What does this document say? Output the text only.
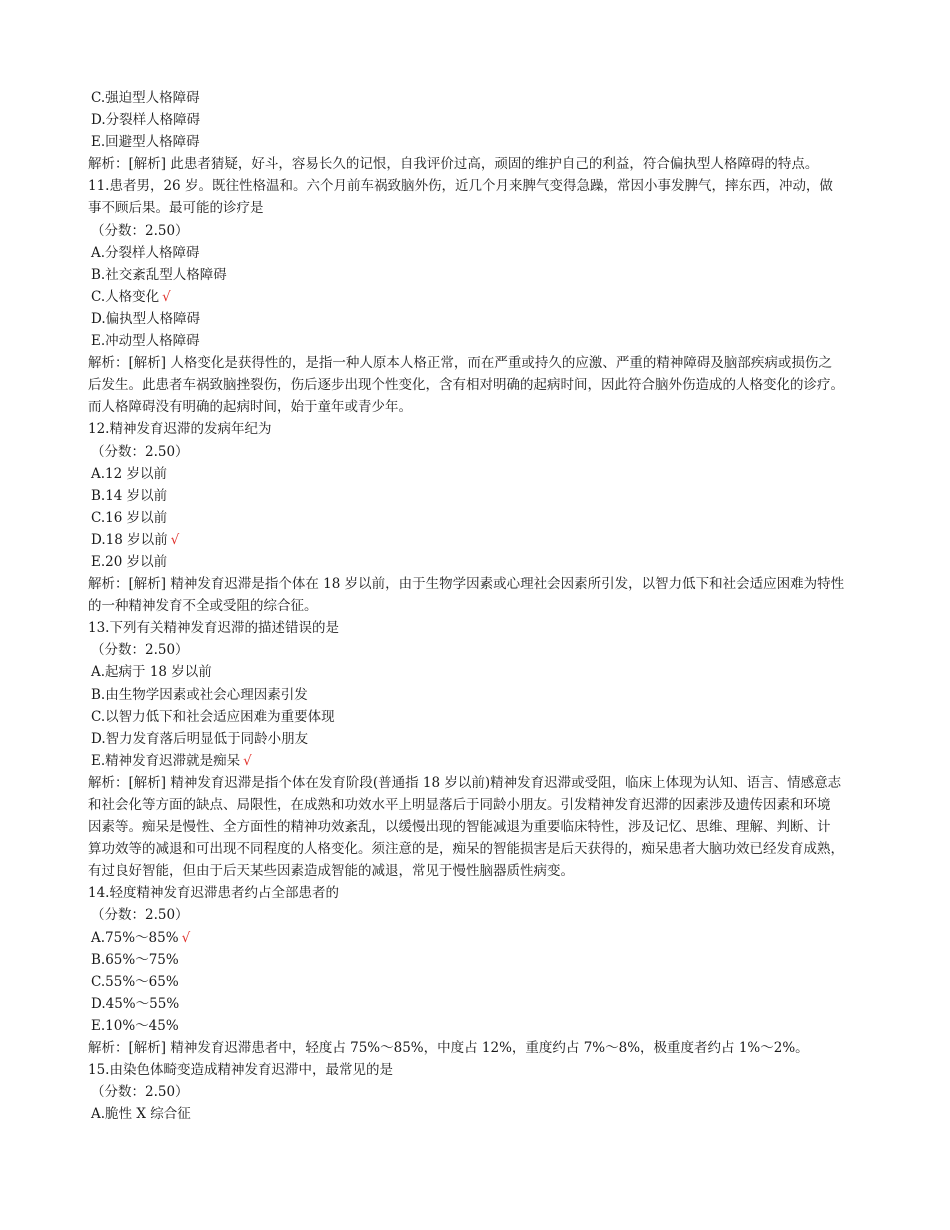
C.强迫型人格障碍
D.分裂样人格障碍
E.回避型人格障碍
解析：[解析] 此患者猜疑，好斗，容易长久的记恨，自我评价过高，顽固的维护自己的利益，符合偏执型人格障碍的特点。
11.患者男，26 岁。既往性格温和。六个月前车祸致脑外伤，近几个月来脾气变得急躁，常因小事发脾气，摔东西，冲动，做
事不顾后果。最可能的诊疗是
（分数：2.50）
A.分裂样人格障碍
B.社交紊乱型人格障碍
C.人格变化 √
D.偏执型人格障碍
E.冲动型人格障碍
解析：[解析] 人格变化是获得性的，是指一种人原本人格正常，而在严重或持久的应激、严重的精神障碍及脑部疾病或损伤之
后发生。此患者车祸致脑挫裂伤，伤后逐步出现个性变化，含有相对明确的起病时间，因此符合脑外伤造成的人格变化的诊疗。
而人格障碍没有明确的起病时间，始于童年或青少年。
12.精神发育迟滞的发病年纪为
（分数：2.50）
A.12 岁以前
B.14 岁以前
C.16 岁以前
D.18 岁以前 √
E.20 岁以前
解析：[解析] 精神发育迟滞是指个体在 18 岁以前，由于生物学因素或心理社会因素所引发，以智力低下和社会适应困难为特性
的一种精神发育不全或受阻的综合征。
13.下列有关精神发育迟滞的描述错误的是
（分数：2.50）
A.起病于 18 岁以前
B.由生物学因素或社会心理因素引发
C.以智力低下和社会适应困难为重要体现
D.智力发育落后明显低于同龄小朋友
E.精神发育迟滞就是痴呆 √
解析：[解析] 精神发育迟滞是指个体在发育阶段(普通指 18 岁以前)精神发育迟滞或受阻，临床上体现为认知、语言、情感意志
和社会化等方面的缺点、局限性，在成熟和功效水平上明显落后于同龄小朋友。引发精神发育迟滞的因素涉及遗传因素和环境
因素等。痴呆是慢性、全方面性的精神功效紊乱，以缓慢出现的智能减退为重要临床特性，涉及记忆、思维、理解、判断、计
算功效等的减退和可出现不同程度的人格变化。须注意的是，痴呆的智能损害是后天获得的，痴呆患者大脑功效已经发育成熟，
有过良好智能，但由于后天某些因素造成智能的减退，常见于慢性脑器质性病变。
14.轻度精神发育迟滞患者约占全部患者的
（分数：2.50）
A.75%～85% √
B.65%～75%
C.55%～65%
D.45%～55%
E.10%～45%
解析：[解析] 精神发育迟滞患者中，轻度占 75%～85%，中度占 12%，重度约占 7%～8%，极重度者约占 1%～2%。
15.由染色体畸变造成精神发育迟滞中，最常见的是
（分数：2.50）
A.脆性 X 综合征
